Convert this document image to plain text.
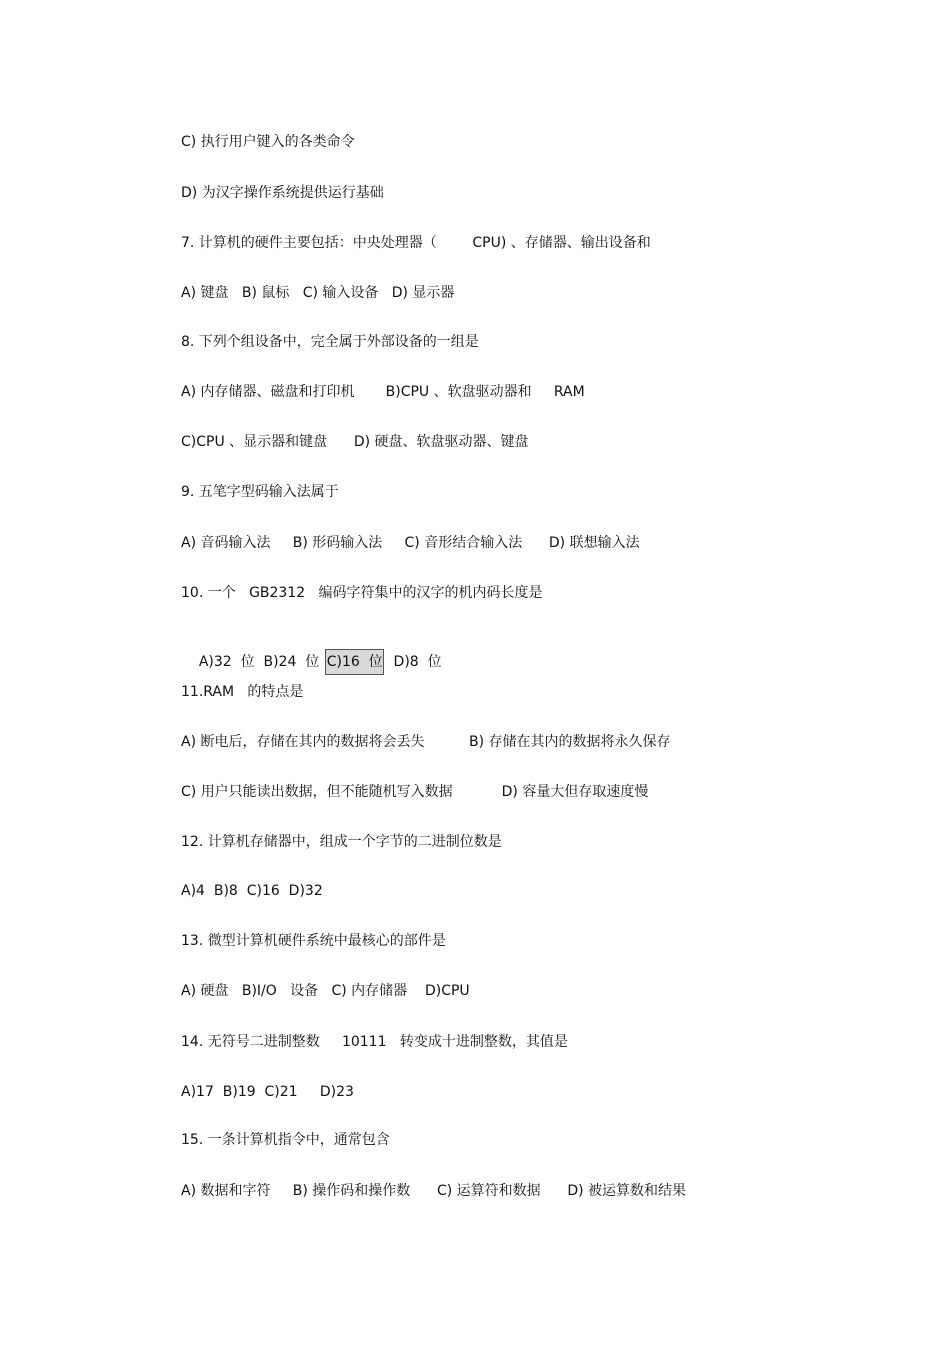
C) 执行用户键入的各类命令
D) 为汉字操作系统提供运行基础
7. 计算机的硬件主要包括：中央处理器（        CPU) 、存储器、输出设备和
A) 键盘   B) 鼠标   C) 输入设备   D) 显示器
8. 下列个组设备中，完全属于外部设备的一组是
A) 内存储器、磁盘和打印机       B)CPU 、软盘驱动器和     RAM
C)CPU 、显示器和键盘      D) 硬盘、软盘驱动器、键盘
9. 五笔字型码输入法属于
A) 音码输入法     B) 形码输入法     C) 音形结合输入法      D) 联想输入法
10. 一个   GB2312   编码字符集中的汉字的机内码长度是

A)32  位  B)24  位 C)16  位  D)8  位

11.RAM   的特点是
A) 断电后，存储在其内的数据将会丢失          B) 存储在其内的数据将永久保存
C) 用户只能读出数据，但不能随机写入数据           D) 容量大但存取速度慢
12. 计算机存储器中，组成一个字节的二进制位数是
A)4  B)8  C)16  D)32
13. 微型计算机硬件系统中最核心的部件是
A) 硬盘   B)I/O   设备   C) 内存储器    D)CPU
14. 无符号二进制整数     10111   转变成十进制整数，其值是
A)17  B)19  C)21     D)23
15. 一条计算机指令中，通常包含
A) 数据和字符     B) 操作码和操作数      C) 运算符和数据      D) 被运算数和结果
